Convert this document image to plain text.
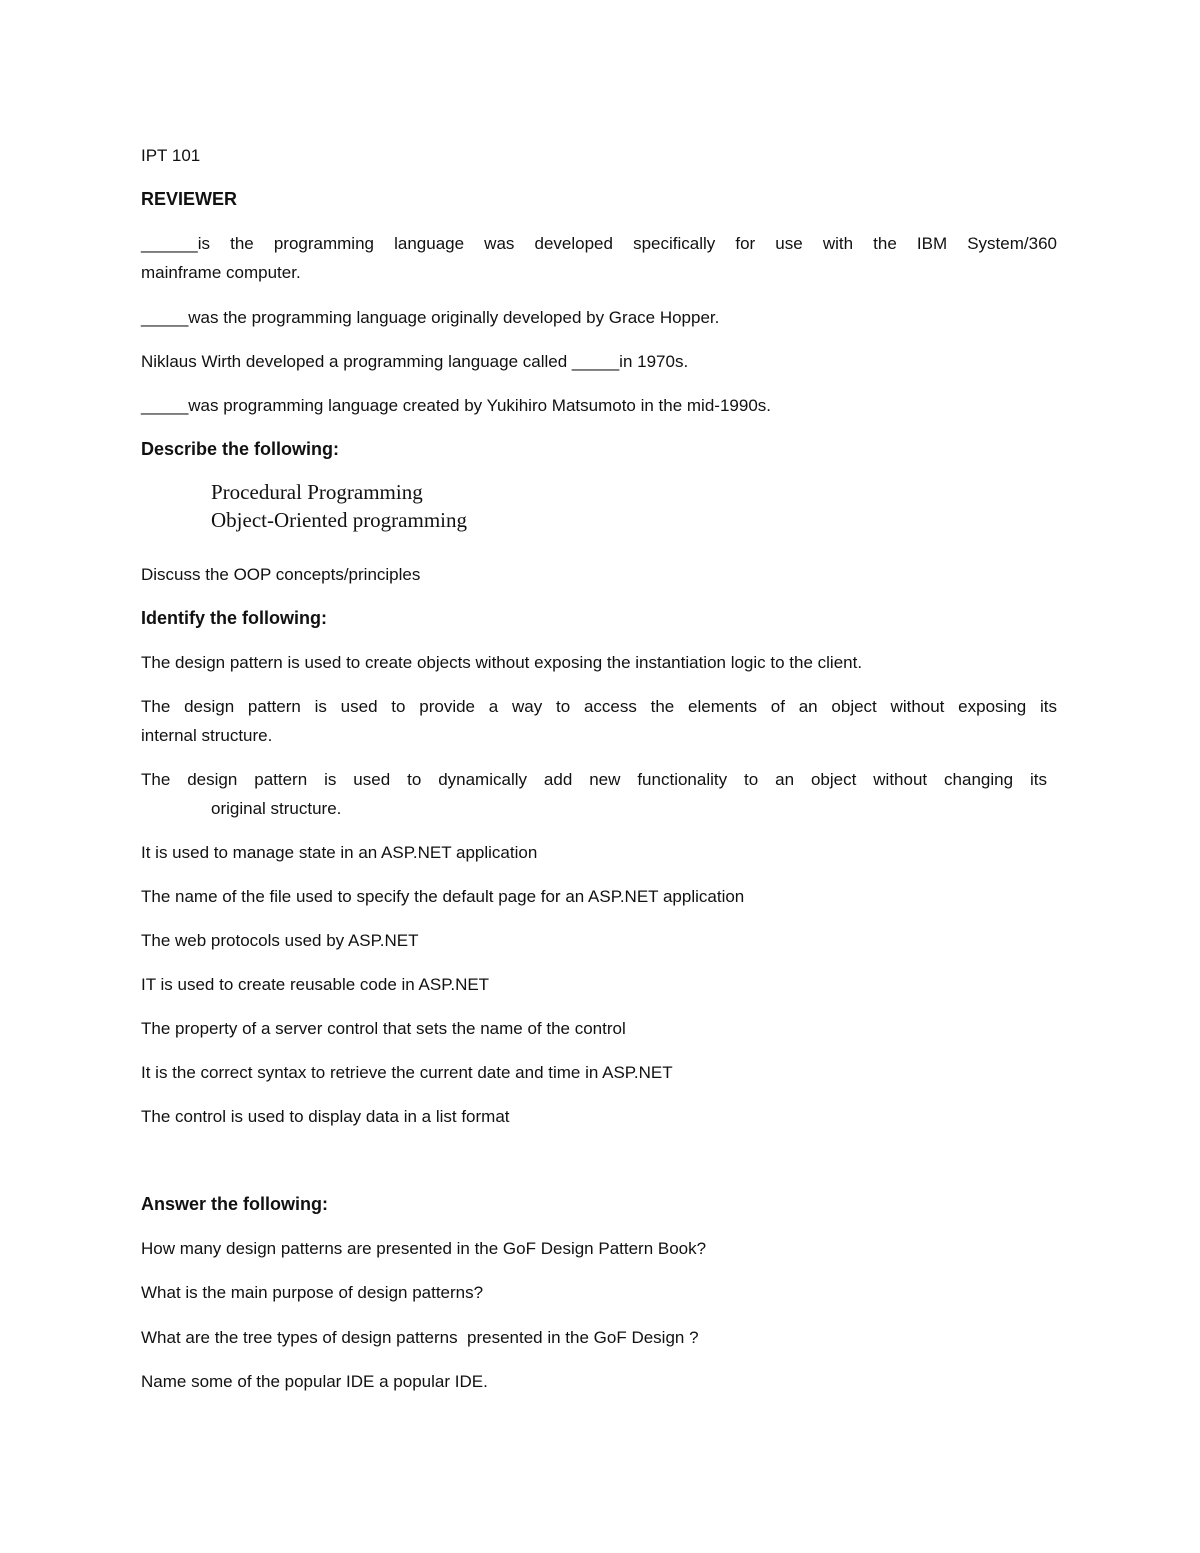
IPT 101

REVIEWER

______is the programming language was developed specifically for use with the IBM System/360

mainframe computer.

_____was the programming language originally developed by Grace Hopper.

Niklaus Wirth developed a programming language called _____in 1970s.

_____was programming language created by Yukihiro Matsumoto in the mid-1990s.

Describe the following:

Procedural Programming

Object-Oriented programming

Discuss the OOP concepts/principles

Identify the following:

The design pattern is used to create objects without exposing the instantiation logic to the client.

The design pattern is used to provide a way to access the elements of an object without exposing its

internal structure.

The design pattern is used to dynamically add new functionality to an object without changing its

original structure.

It is used to manage state in an ASP.NET application

The name of the file used to specify the default page for an ASP.NET application

The web protocols used by ASP.NET

IT is used to create reusable code in ASP.NET

The property of a server control that sets the name of the control

It is the correct syntax to retrieve the current date and time in ASP.NET

The control is used to display data in a list format

Answer the following:

How many design patterns are presented in the GoF Design Pattern Book?

What is the main purpose of design patterns?

What are the tree types of design patterns  presented in the GoF Design ?

Name some of the popular IDE a popular IDE.
